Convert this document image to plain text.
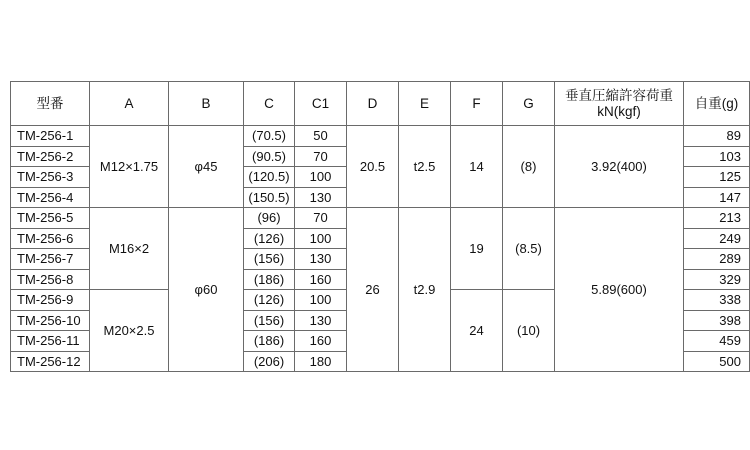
型番	A	B	C	C1	D	E	F	G	垂直圧縮許容荷重
kN(kgf)	自重(g)
TM-256-1	M12×1.75	φ45	(70.5)	50	20.5	t2.5	14	(8)	3.92(400)	89
TM-256-2			(90.5)	70						103
TM-256-3			(120.5)	100						125
TM-256-4			(150.5)	130						147
TM-256-5	M16×2	φ60	(96)	70	26	t2.9	19	(8.5)	5.89(600)	213
TM-256-6			(126)	100						249
TM-256-7			(156)	130						289
TM-256-8			(186)	160						329
TM-256-9	M20×2.5		(126)	100			24	(10)		338
TM-256-10			(156)	130						398
TM-256-11			(186)	160						459
TM-256-12			(206)	180						500
